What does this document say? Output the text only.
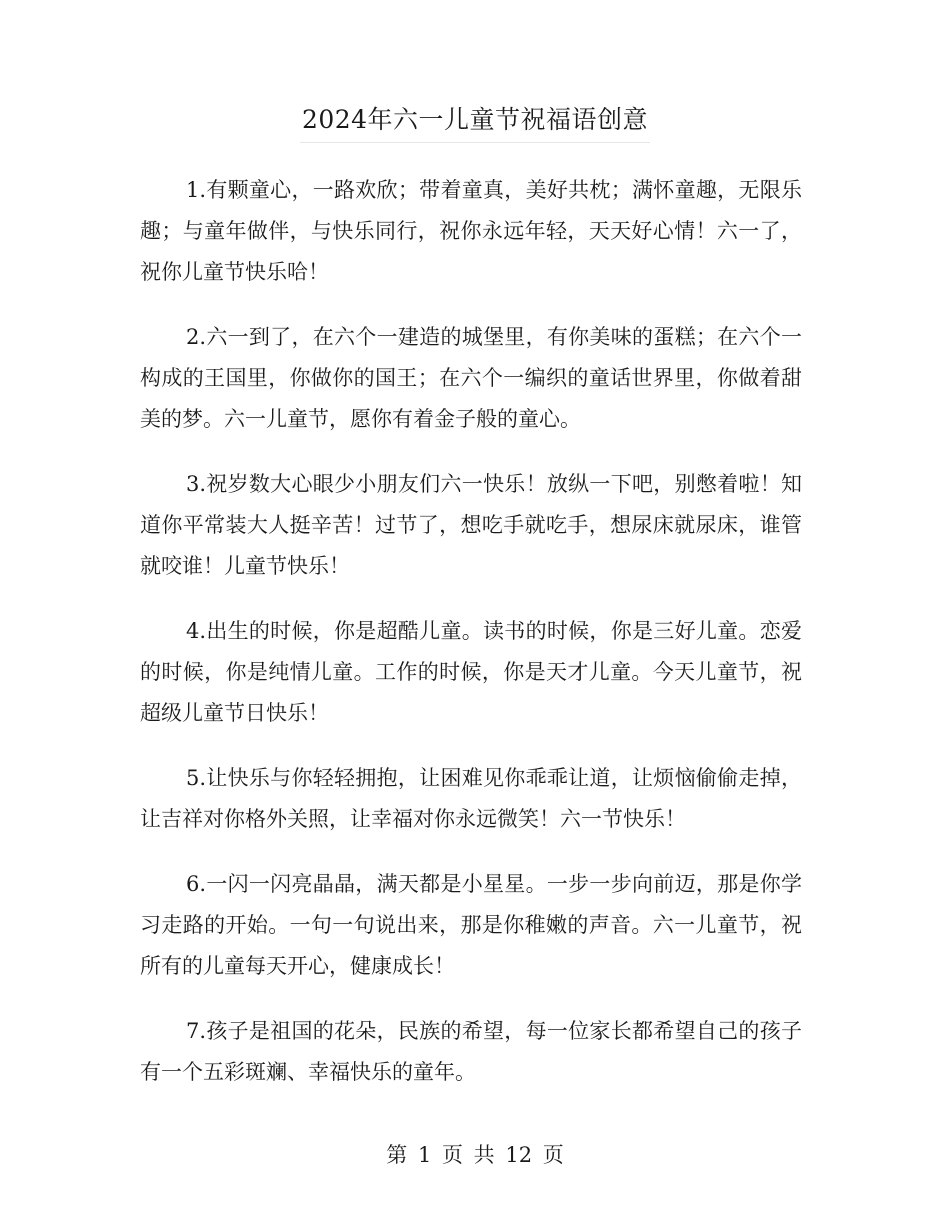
2024年六一儿童节祝福语创意

1.有颗童心，一路欢欣；带着童真，美好共枕；满怀童趣，无限乐趣；与童年做伴，与快乐同行，祝你永远年轻，天天好心情！六一了，祝你儿童节快乐哈！

2.六一到了，在六个一建造的城堡里，有你美味的蛋糕；在六个一构成的王国里，你做你的国王；在六个一编织的童话世界里，你做着甜美的梦。六一儿童节，愿你有着金子般的童心。

3.祝岁数大心眼少小朋友们六一快乐！放纵一下吧，别憋着啦！知道你平常装大人挺辛苦！过节了，想吃手就吃手，想尿床就尿床，谁管就咬谁！儿童节快乐！

4.出生的时候，你是超酷儿童。读书的时候，你是三好儿童。恋爱的时候，你是纯情儿童。工作的时候，你是天才儿童。今天儿童节，祝超级儿童节日快乐！

5.让快乐与你轻轻拥抱，让困难见你乖乖让道，让烦恼偷偷走掉，让吉祥对你格外关照，让幸福对你永远微笑！六一节快乐！

6.一闪一闪亮晶晶，满天都是小星星。一步一步向前迈，那是你学习走路的开始。一句一句说出来，那是你稚嫩的声音。六一儿童节，祝所有的儿童每天开心，健康成长！

7.孩子是祖国的花朵，民族的希望，每一位家长都希望自己的孩子有一个五彩斑斓、幸福快乐的童年。

第 1 页 共 12 页
